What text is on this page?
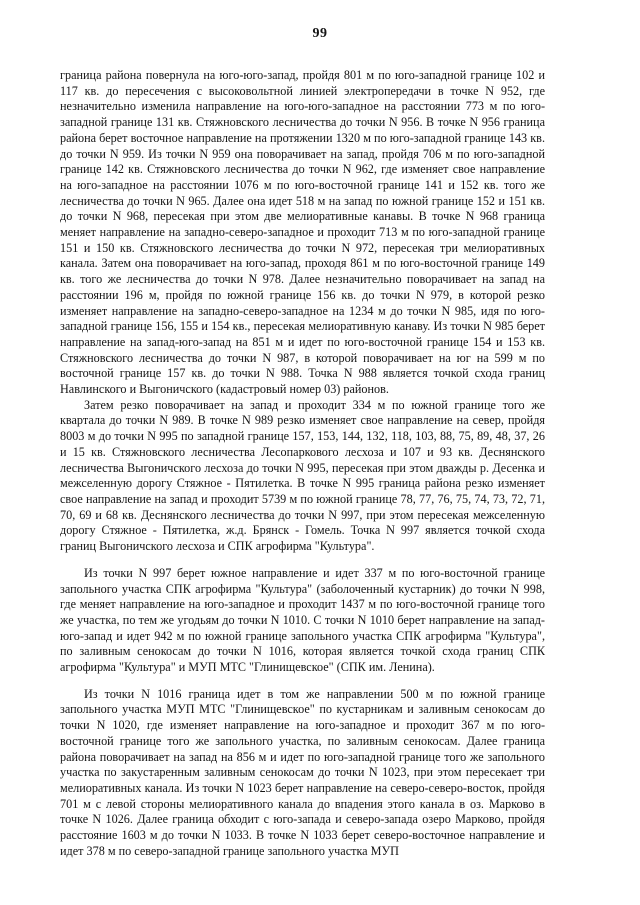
99

граница района повернула на юго-юго-запад, пройдя 801 м по юго-западной границе 102 и 117 кв. до пересечения с высоковольтной линией электропередачи в точке N 952, где незначительно изменила направление на юго-юго-западное на расстоянии 773 м по юго-западной границе 131 кв. Стяжновского лесничества до точки N 956. В точке N 956 граница района берет восточное направление на протяжении 1320 м по юго-западной границе 143 кв. до точки N 959. Из точки N 959 она поворачивает на запад, пройдя 706 м по юго-западной границе 142 кв. Стяжновского лесничества до точки N 962, где изменяет свое направление на юго-западное на расстоянии 1076 м по юго-восточной границе 141 и 152 кв. того же лесничества до точки N 965. Далее она идет 518 м на запад по южной границе 152 и 151 кв. до точки N 968, пересекая при этом две мелиоративные канавы. В точке N 968 граница меняет направление на западно-северо-западное и проходит 713 м по юго-западной границе 151 и 150 кв. Стяжновского лесничества до точки N 972, пересекая три мелиоративных канала. Затем она поворачивает на юго-запад, проходя 861 м по юго-восточной границе 149 кв. того же лесничества до точки N 978. Далее незначительно поворачивает на запад на расстоянии 196 м, пройдя по южной границе 156 кв. до точки N 979, в которой резко изменяет направление на западно-северо-западное на 1234 м до точки N 985, идя по юго-западной границе 156, 155 и 154 кв., пересекая мелиоративную канаву. Из точки N 985 берет направление на запад-юго-запад на 851 м и идет по юго-восточной границе 154 и 153 кв. Стяжновского лесничества до точки N 987, в которой поворачивает на юг на 599 м по восточной границе 157 кв. до точки N 988. Точка N 988 является точкой схода границ Навлинского и Выгоничского (кадастровый номер 03) районов.

Затем резко поворачивает на запад и проходит 334 м по южной границе того же квартала до точки N 989. В точке N 989 резко изменяет свое направление на север, пройдя 8003 м до точки N 995 по западной границе 157, 153, 144, 132, 118, 103, 88, 75, 89, 48, 37, 26 и 15 кв. Стяжновского лесничества Лесопаркового лесхоза и 107 и 93 кв. Деснянского лесничества Выгоничского лесхоза до точки N 995, пересекая при этом дважды р. Десенка и межселенную дорогу Стяжное - Пятилетка. В точке N 995 граница района резко изменяет свое направление на запад и проходит 5739 м по южной границе 78, 77, 76, 75, 74, 73, 72, 71, 70, 69 и 68 кв. Деснянского лесничества до точки N 997, при этом пересекая межселенную дорогу Стяжное - Пятилетка, ж.д. Брянск - Гомель. Точка N 997 является точкой схода границ Выгоничского лесхоза и СПК агрофирма "Культура".

Из точки N 997 берет южное направление и идет 337 м по юго-восточной границе запольного участка СПК агрофирма "Культура" (заболоченный кустарник) до точки N 998, где меняет направление на юго-западное и проходит 1437 м по юго-восточной границе того же участка, по тем же угодьям до точки N 1010. С точки N 1010 берет направление на запад-юго-запад и идет 942 м по южной границе запольного участка СПК агрофирма "Культура", по заливным сенокосам до точки N 1016, которая является точкой схода границ СПК агрофирма "Культура" и МУП МТС "Глинищевское" (СПК им. Ленина).

Из точки N 1016 граница идет в том же направлении 500 м по южной границе запольного участка МУП МТС "Глинищевское" по кустарникам и заливным сенокосам до точки N 1020, где изменяет направление на юго-западное и проходит 367 м по юго-восточной границе того же запольного участка, по заливным сенокосам. Далее граница района поворачивает на запад на 856 м и идет по юго-западной границе того же запольного участка по закустаренным заливным сенокосам до точки N 1023, при этом пересекает три мелиоративных канала. Из точки N 1023 берет направление на северо-северо-восток, пройдя 701 м с левой стороны мелиоративного канала до впадения этого канала в оз. Марково в точке N 1026. Далее граница обходит с юго-запада и северо-запада озеро Марково, пройдя расстояние 1603 м до точки N 1033. В точке N 1033 берет северо-восточное направление и идет 378 м по северо-западной границе запольного участка МУП
